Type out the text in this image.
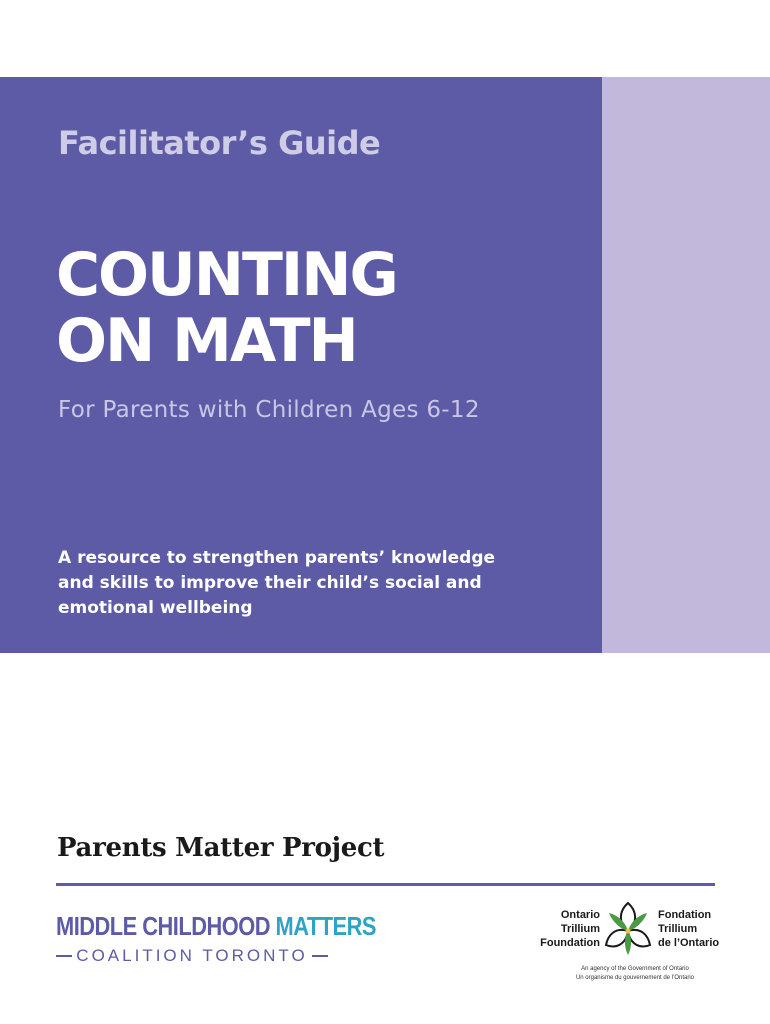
Facilitator’s Guide
COUNTING
ON MATH
For Parents with Children Ages 6-12
A resource to strengthen parents’ knowledge and skills to improve their child’s social and emotional wellbeing
Parents Matter Project
MIDDLE CHILDHOOD MATTERS
COALITION TORONTO
Ontario
Trillium
Foundation
Fondation
Trillium
de l’Ontario
An agency of the Government of Ontario
Un organisme du gouvernement de l’Ontario
